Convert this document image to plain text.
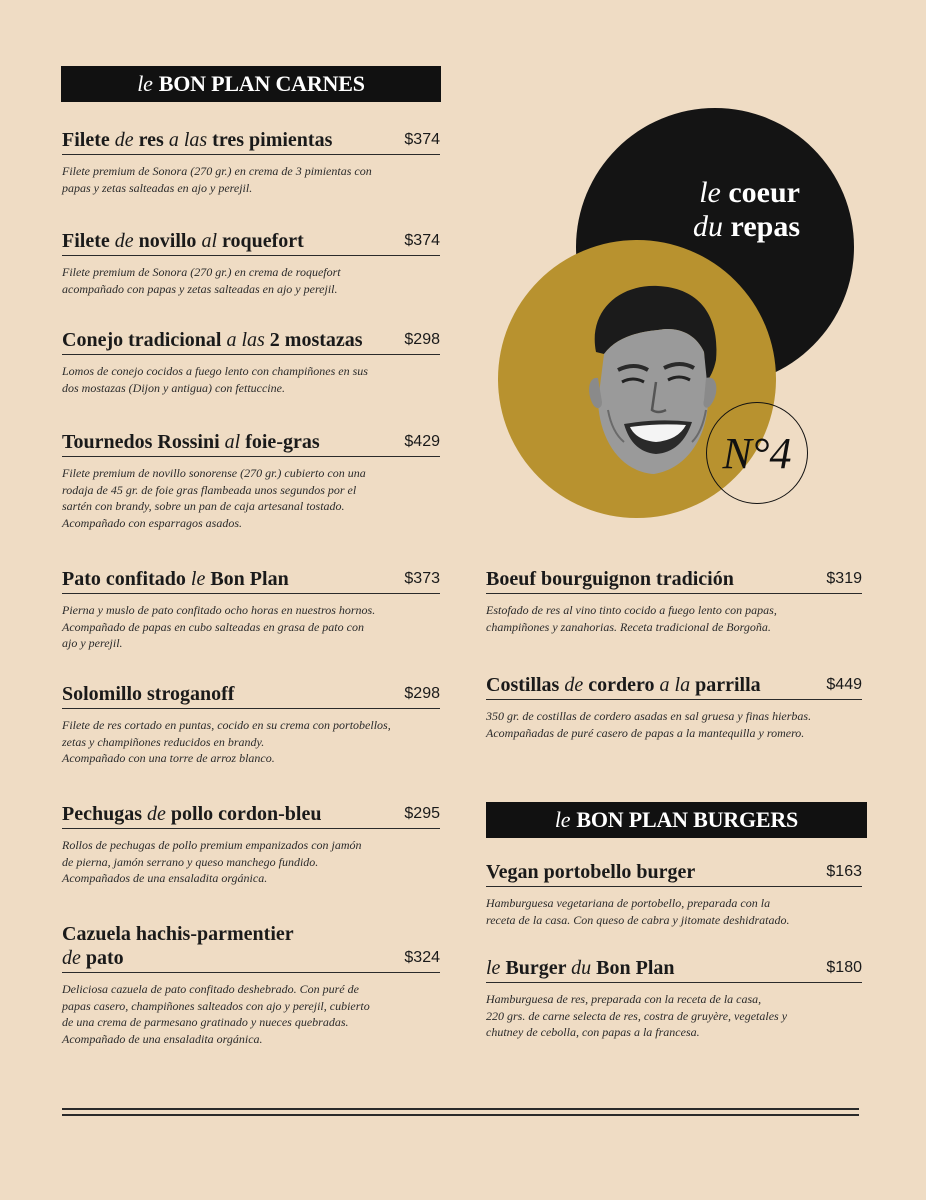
le BON PLAN CARNES
Filete de res a las tres pimientas	$374
Filete premium de Sonora (270 gr.) en crema de 3 pimientas con
papas y zetas salteadas en ajo y perejil.
Filete de novillo al roquefort	$374
Filete premium de Sonora (270 gr.) en crema de roquefort
acompañado con papas y zetas salteadas en ajo y perejil.
Conejo tradicional a las 2 mostazas	$298
Lomos de conejo cocidos a fuego lento con champiñones en sus
dos mostazas (Dijon y antigua) con fettuccine.
Tournedos Rossini al foie-gras	$429
Filete premium de novillo sonorense (270 gr.) cubierto con una
rodaja de 45 gr. de foie gras flambeada unos segundos por el
sartén con brandy, sobre un pan de caja artesanal tostado.
Acompañado con esparragos asados.
Pato confitado le Bon Plan	$373
Pierna y muslo de pato confitado ocho horas en nuestros hornos.
Acompañado de papas en cubo salteadas en grasa de pato con
ajo y perejil.
Solomillo stroganoff	$298
Filete de res cortado en puntas, cocido en su crema con portobellos,
zetas y champiñones reducidos en brandy.
Acompañado con una torre de arroz blanco.
Pechugas de pollo cordon-bleu	$295
Rollos de pechugas de pollo premium empanizados con jamón
de pierna, jamón serrano y queso manchego fundido.
Acompañados de una ensaladita orgánica.
Cazuela hachis-parmentier
de pato	$324
Deliciosa cazuela de pato confitado deshebrado. Con puré de
papas casero, champiñones salteados con ajo y perejil, cubierto
de una crema de parmesano gratinado y nueces quebradas.
Acompañado de una ensaladita orgánica.
le coeur
du repas
N°4
Boeuf bourguignon tradición	$319
Estofado de res al vino tinto cocido a fuego lento con papas,
champiñones y zanahorias. Receta tradicional de Borgoña.
Costillas de cordero a la parrilla	$449
350 gr. de costillas de cordero asadas en sal gruesa y finas hierbas.
Acompañadas de puré casero de papas a la mantequilla y romero.
le BON PLAN BURGERS
Vegan portobello burger	$163
Hamburguesa vegetariana de portobello, preparada con la
receta de la casa. Con queso de cabra y jitomate deshidratado.
le Burger du Bon Plan	$180
Hamburguesa de res, preparada con la receta de la casa,
220 grs. de carne selecta de res, costra de gruyère, vegetales y
chutney de cebolla, con papas a la francesa.
